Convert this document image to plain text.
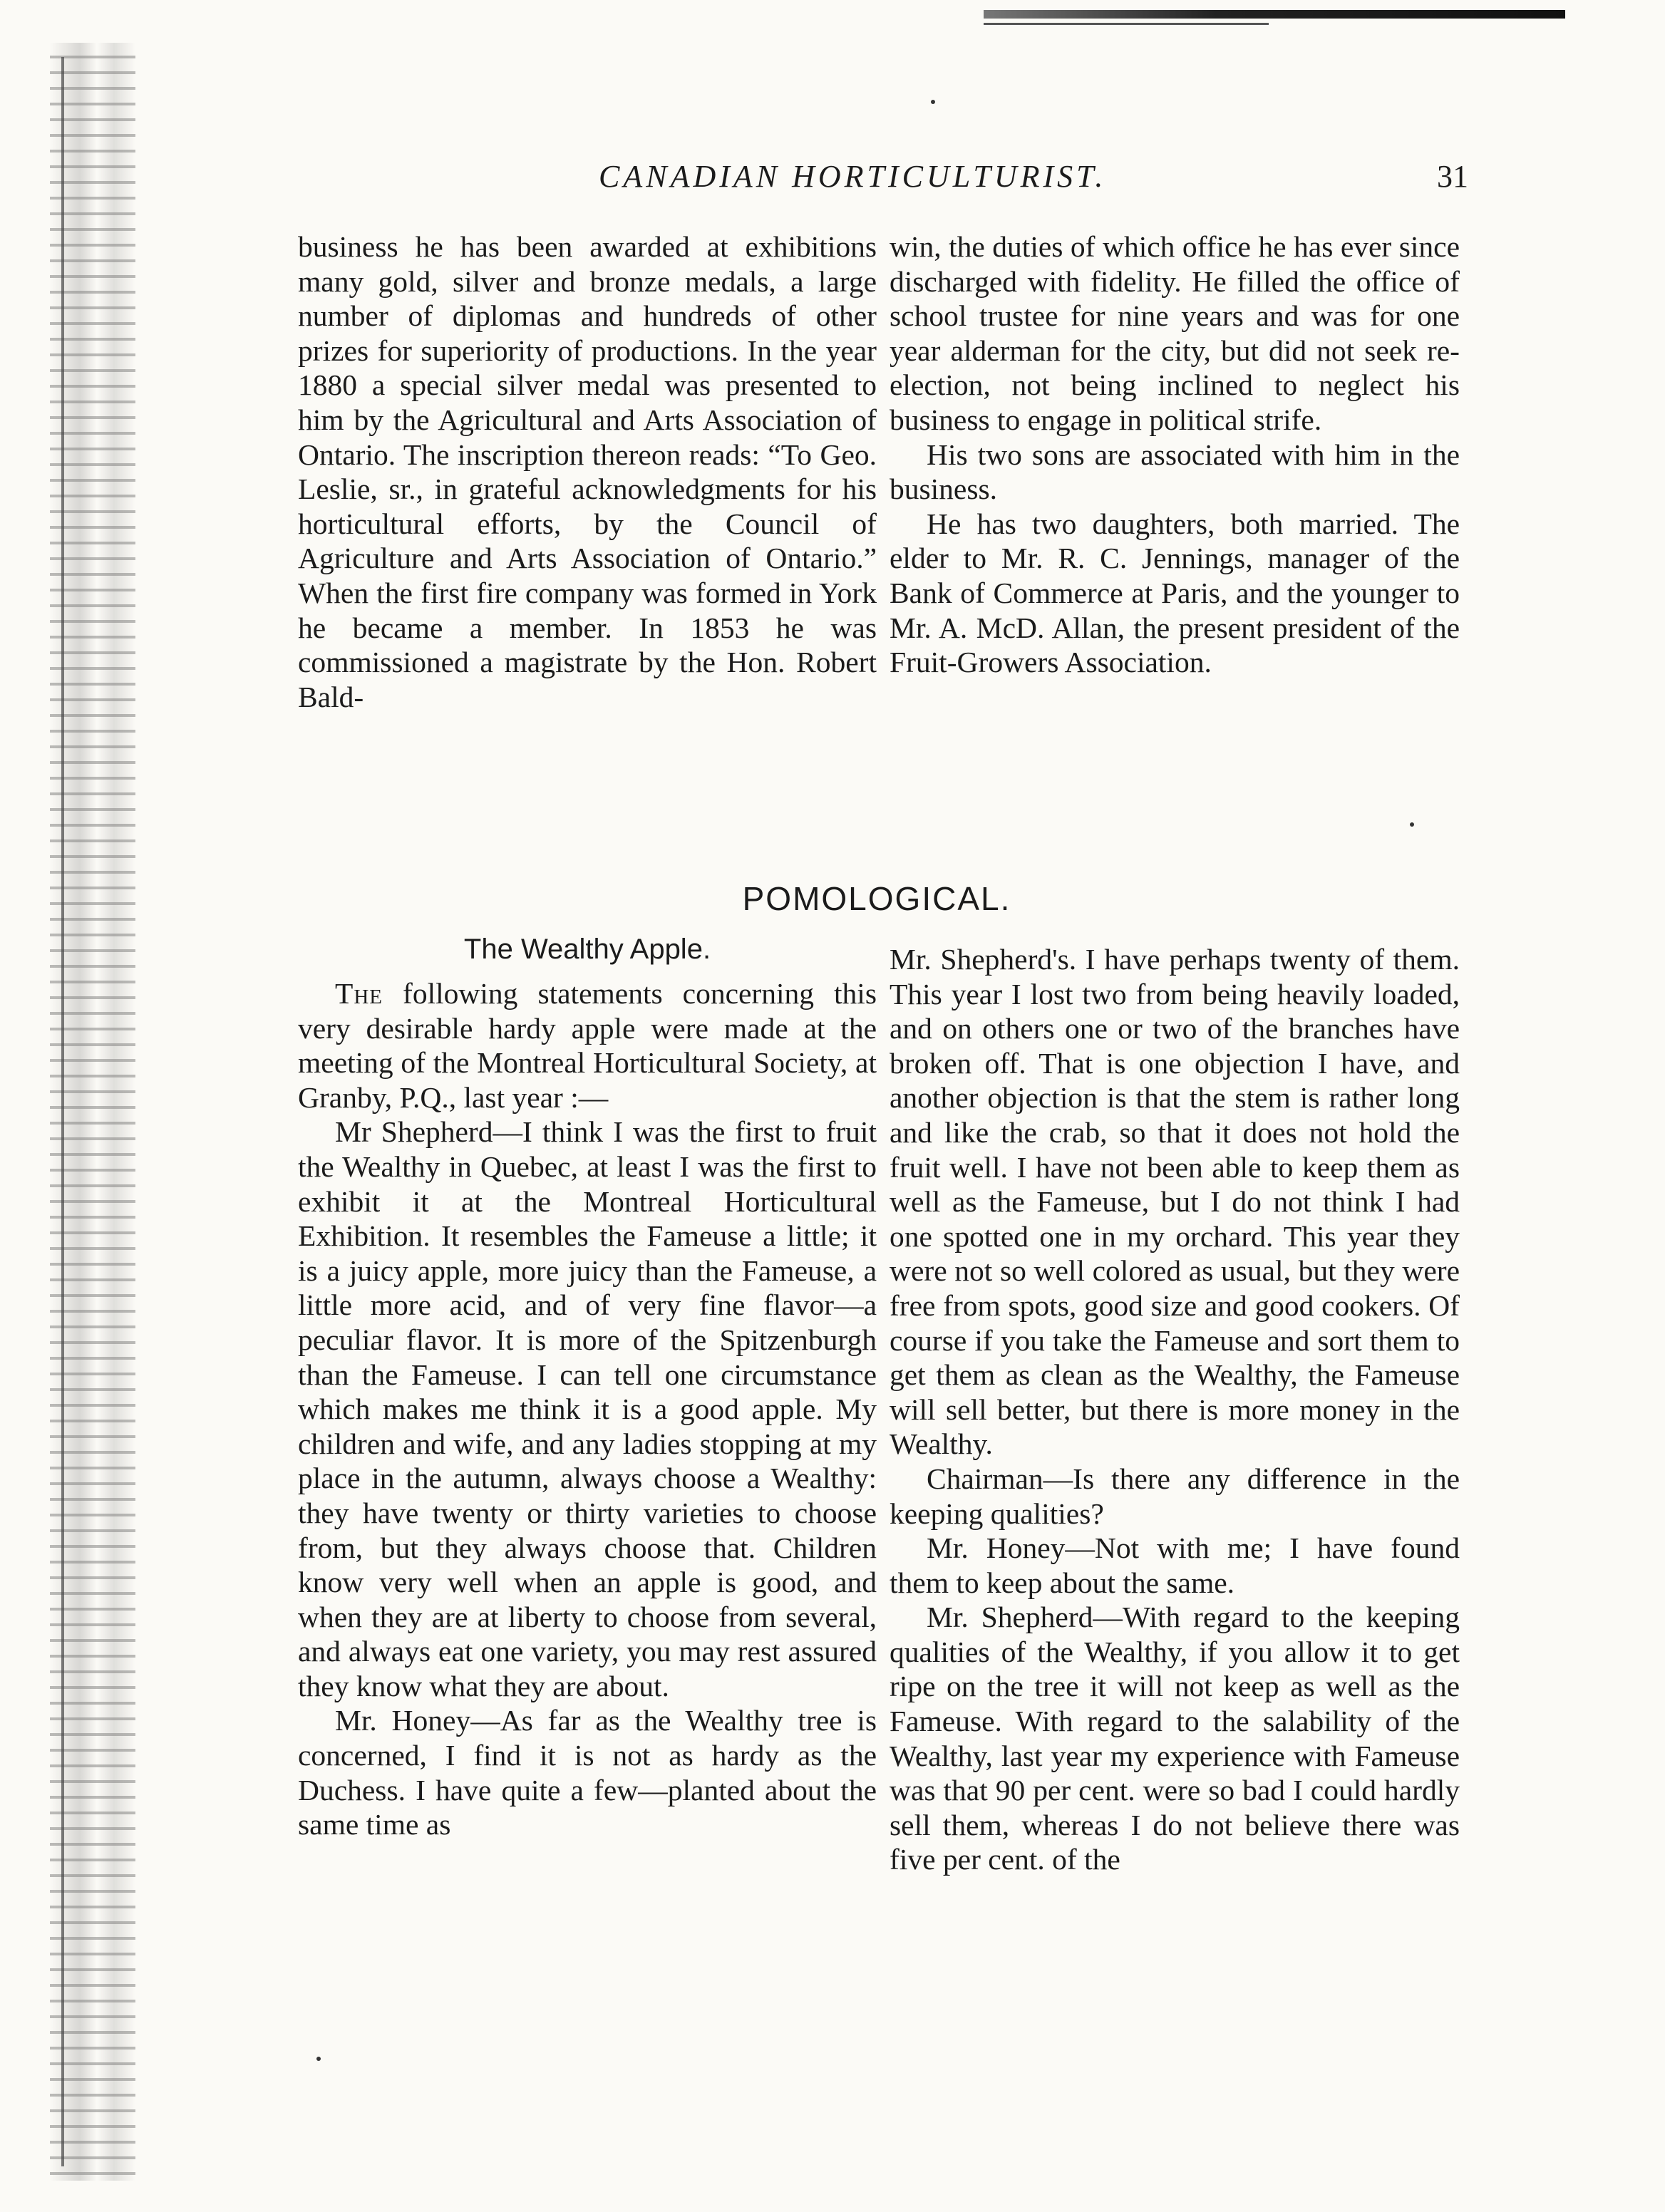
CANADIAN HORTICULTURIST.	31

business he has been awarded at exhibitions many gold, silver and bronze medals, a large number of diplomas and hundreds of other prizes for superiority of productions. In the year 1880 a special silver medal was presented to him by the Agricultural and Arts Association of Ontario. The inscription thereon reads: “To Geo. Leslie, sr., in grateful acknowledgments for his horticultural efforts, by the Council of Agriculture and Arts Association of Ontario.” When the first fire company was formed in York he became a member. In 1853 he was commissioned a magistrate by the Hon. Robert Bald-

win, the duties of which office he has ever since discharged with fidelity. He filled the office of school trustee for nine years and was for one year alderman for the city, but did not seek re-election, not being inclined to neglect his business to engage in political strife.

His two sons are associated with him in the business.

He has two daughters, both married. The elder to Mr. R. C. Jennings, manager of the Bank of Commerce at Paris, and the younger to Mr. A. McD. Allan, the present president of the Fruit-Growers Association.

POMOLOGICAL.
The Wealthy Apple.

The following statements concerning this very desirable hardy apple were made at the meeting of the Montreal Horticultural Society, at Granby, P.Q., last year :—

Mr Shepherd—I think I was the first to fruit the Wealthy in Quebec, at least I was the first to exhibit it at the Montreal Horticultural Exhibition. It resembles the Fameuse a little; it is a juicy apple, more juicy than the Fameuse, a little more acid, and of very fine flavor—a peculiar flavor. It is more of the Spitzenburgh than the Fameuse. I can tell one circumstance which makes me think it is a good apple. My children and wife, and any ladies stopping at my place in the autumn, always choose a Wealthy: they have twenty or thirty varieties to choose from, but they always choose that. Children know very well when an apple is good, and when they are at liberty to choose from several, and always eat one variety, you may rest assured they know what they are about.

Mr. Honey—As far as the Wealthy tree is concerned, I find it is not as hardy as the Duchess. I have quite a few—planted about the same time as

Mr. Shepherd's. I have perhaps twenty of them. This year I lost two from being heavily loaded, and on others one or two of the branches have broken off. That is one objection I have, and another objection is that the stem is rather long and like the crab, so that it does not hold the fruit well. I have not been able to keep them as well as the Fameuse, but I do not think I had one spotted one in my orchard. This year they were not so well colored as usual, but they were free from spots, good size and good cookers. Of course if you take the Fameuse and sort them to get them as clean as the Wealthy, the Fameuse will sell better, but there is more money in the Wealthy.

Chairman—Is there any difference in the keeping qualities?

Mr. Honey—Not with me; I have found them to keep about the same.

Mr. Shepherd—With regard to the keeping qualities of the Wealthy, if you allow it to get ripe on the tree it will not keep as well as the Fameuse. With regard to the salability of the Wealthy, last year my experience with Fameuse was that 90 per cent. were so bad I could hardly sell them, whereas I do not believe there was five per cent. of the
